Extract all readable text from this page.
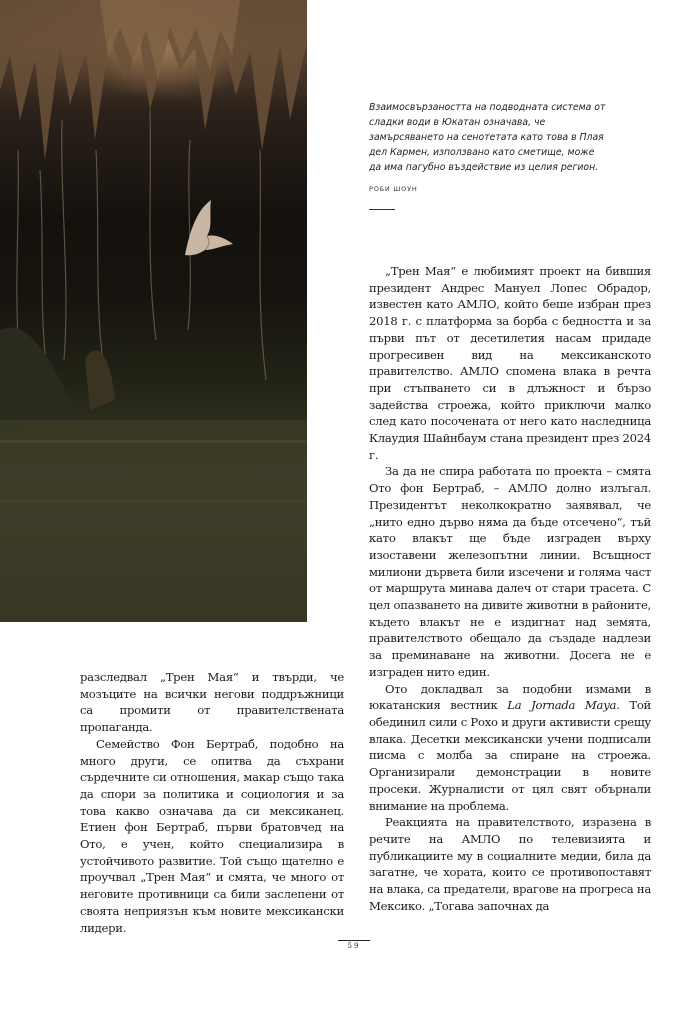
Взаимосвързаността на подводната система от сладки води в Юкатан означава, че замърсяването на сенотетата като това в Плая дел Кармен, използвано като сметище, може да има пагубно въздействие из целия регион.
РОБИ ШОУН

„Трен Мая“ е любимият проект на бившия президент Андрес Мануел Лопес Обрадор, известен като АМЛО, който беше избран през 2018 г. с платформа за борба с бедността и за първи път от десетилетия насам придаде прогресивен вид на мексиканското правителство. АМЛО спомена влака в речта при стъпването си в длъжност и бързо задейства строежа, който приключи малко след като посочената от него като наследница Клаудия Шайнбаум стана президент през 2024 г.

За да не спира работата по проекта – смята Ото фон Бертраб, – АМЛО долно излъгал. Президентът неколкократно заявявал, че „нито едно дърво няма да бъде отсечено“, тъй като влакът ще бъде изграден върху изоставени железопътни линии. Всъщност милиони дървета били изсечени и голяма част от маршрута минава далеч от стари трасета. С цел опазването на дивите животни в районите, където влакът не е издигнат над земята, правителството обещало да създаде надлези за преминаване на животни. Досега не е изграден нито един.

Ото докладвал за подобни измами в юкатанския вестник La Jornada Maya. Той обединил сили с Рохо и други активисти срещу влака. Десетки мексикански учени подписали писма с молба за спиране на строежа. Организирали демонстрации в новите просеки. Журналисти от цял свят обърнали внимание на проблема.

Реакцията на правителството, изразена в речите на АМЛО по телевизията и публикациите му в социалните медии, била да загатне, че хората, които се противопоставят на влака, са предатели, врагове на прогреса на Мексико. „Тогава започнах да

разследвал „Трен Мая“ и твърди, че мозъците на всички негови поддръжници са промити от правителствената пропаганда.

Семейство Фон Бертраб, подобно на много други, се опитва да съхрани сърдечните си отношения, макар също така да спори за политика и социология и за това какво означава да си мексиканец. Етиен фон Бертраб, първи братовчед на Ото, е учен, който специализира в устойчивото развитие. Той също щателно е проучвал „Трен Мая“ и смята, че много от неговите противници са били заслепени от своята неприязън към новите мексикански лидери.

59
